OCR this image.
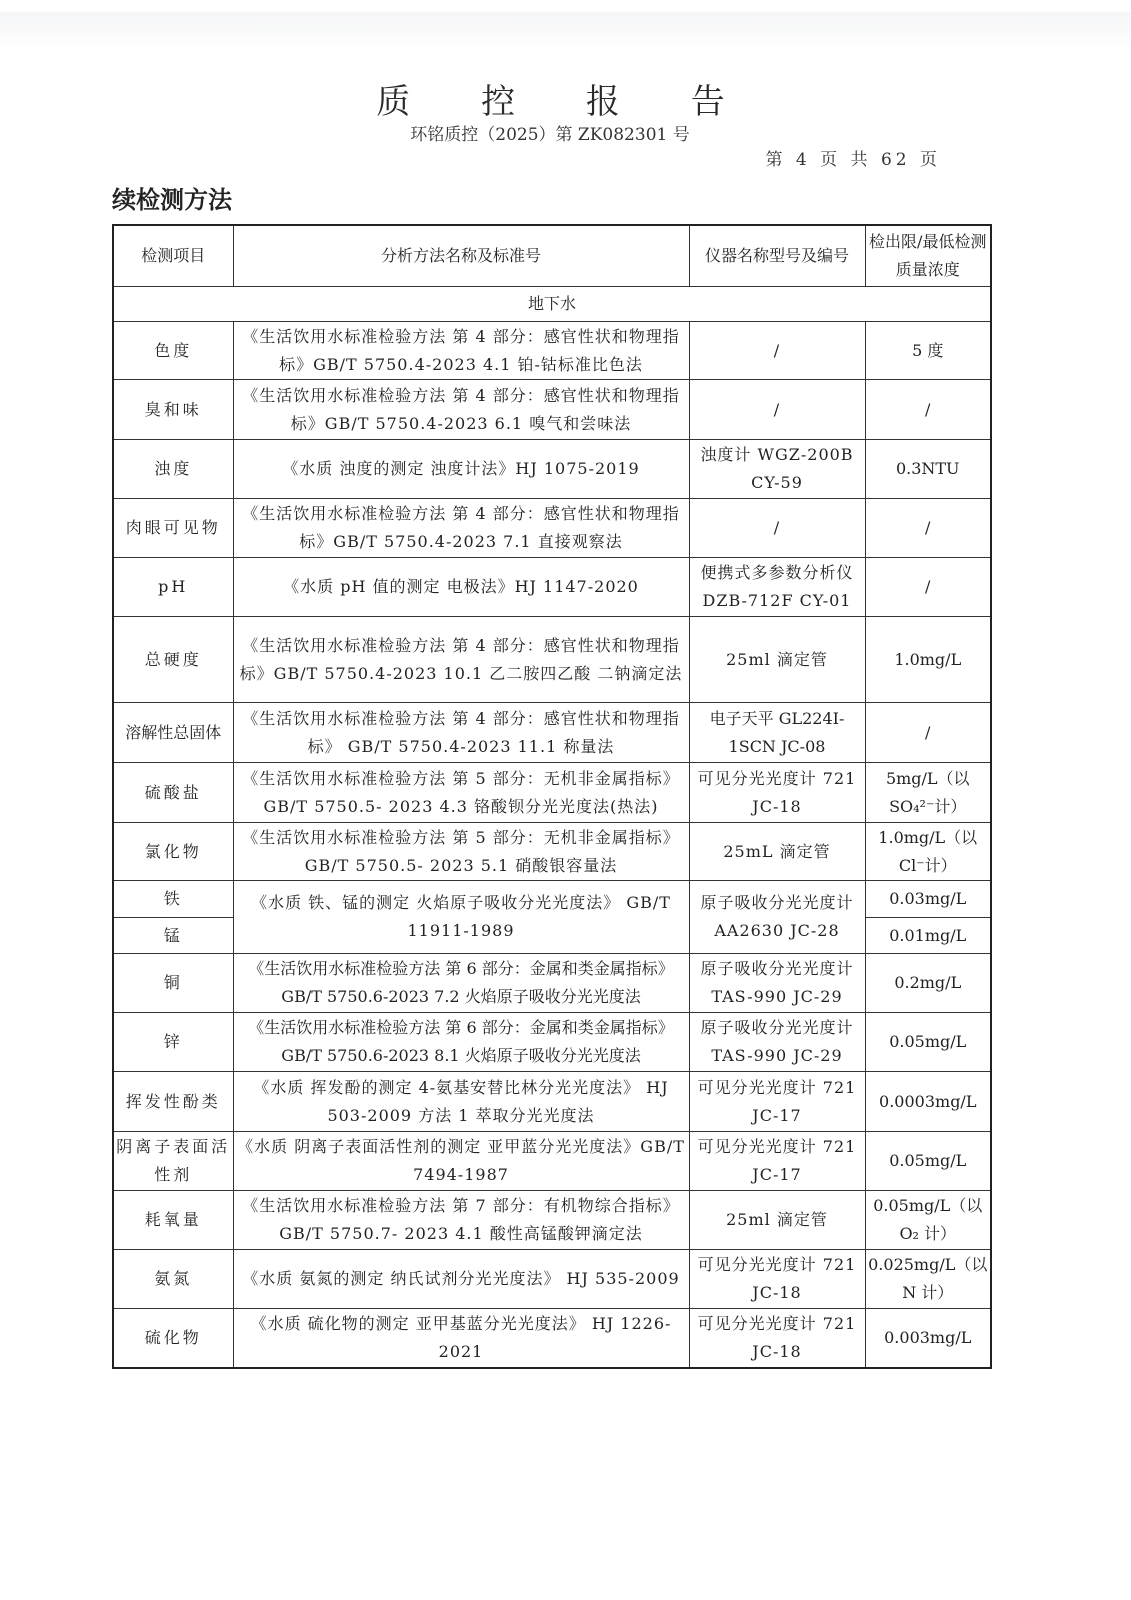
质 控 报 告
环铭质控（2025）第 ZK082301 号
第 4 页 共 62 页
续检测方法
检测项目	分析方法名称及标准号	仪器名称型号及编号	检出限/最低检测质量浓度
地下水			
色度	《生活饮用水标准检验方法 第 4 部分：感官性状和物理指标》GB/T 5750.4-2023 4.1 铂-钴标准比色法	/	5 度
臭和味	《生活饮用水标准检验方法 第 4 部分：感官性状和物理指标》GB/T 5750.4-2023 6.1 嗅气和尝味法	/	/
浊度	《水质 浊度的测定 浊度计法》HJ 1075-2019	浊度计 WGZ-200B CY-59	0.3NTU
肉眼可见物	《生活饮用水标准检验方法 第 4 部分：感官性状和物理指标》GB/T 5750.4-2023 7.1 直接观察法	/	/
pH	《水质 pH 值的测定 电极法》HJ 1147-2020	便携式多参数分析仪 DZB-712F CY-01	/
总硬度	《生活饮用水标准检验方法 第 4 部分：感官性状和物理指标》GB/T 5750.4-2023 10.1 乙二胺四乙酸 二钠滴定法	25ml 滴定管	1.0mg/L
溶解性总固体	《生活饮用水标准检验方法 第 4 部分：感官性状和物理指标》 GB/T 5750.4-2023 11.1 称量法	电子天平 GL224I-1SCN JC-08	/
硫酸盐	《生活饮用水标准检验方法 第 5 部分：无机非金属指标》 GB/T 5750.5- 2023 4.3 铬酸钡分光光度法(热法)	可见分光光度计 721 JC-18	5mg/L（以 SO₄²⁻计）
氯化物	《生活饮用水标准检验方法 第 5 部分：无机非金属指标》 GB/T 5750.5- 2023 5.1 硝酸银容量法	25mL 滴定管	1.0mg/L（以 Cl⁻计）
铁	《水质 铁、锰的测定 火焰原子吸收分光光度法》 GB/T 11911-1989	原子吸收分光光度计 AA2630 JC-28	0.03mg/L
锰			0.01mg/L
铜	《生活饮用水标准检验方法 第 6 部分：金属和类金属指标》GB/T 5750.6-2023 7.2 火焰原子吸收分光光度法	原子吸收分光光度计 TAS-990 JC-29	0.2mg/L
锌	《生活饮用水标准检验方法 第 6 部分：金属和类金属指标》GB/T 5750.6-2023 8.1 火焰原子吸收分光光度法	原子吸收分光光度计 TAS-990 JC-29	0.05mg/L
挥发性酚类	《水质 挥发酚的测定 4-氨基安替比林分光光度法》 HJ 503-2009 方法 1 萃取分光光度法	可见分光光度计 721 JC-17	0.0003mg/L
阴离子表面活性剂	《水质 阴离子表面活性剂的测定 亚甲蓝分光光度法》GB/T 7494-1987	可见分光光度计 721 JC-17	0.05mg/L
耗氧量	《生活饮用水标准检验方法 第 7 部分：有机物综合指标》 GB/T 5750.7- 2023 4.1 酸性高锰酸钾滴定法	25ml 滴定管	0.05mg/L（以 O₂ 计）
氨氮	《水质 氨氮的测定 纳氏试剂分光光度法》 HJ 535-2009	可见分光光度计 721 JC-18	0.025mg/L（以 N 计）
硫化物	《水质 硫化物的测定 亚甲基蓝分光光度法》 HJ 1226-2021	可见分光光度计 721 JC-18	0.003mg/L
